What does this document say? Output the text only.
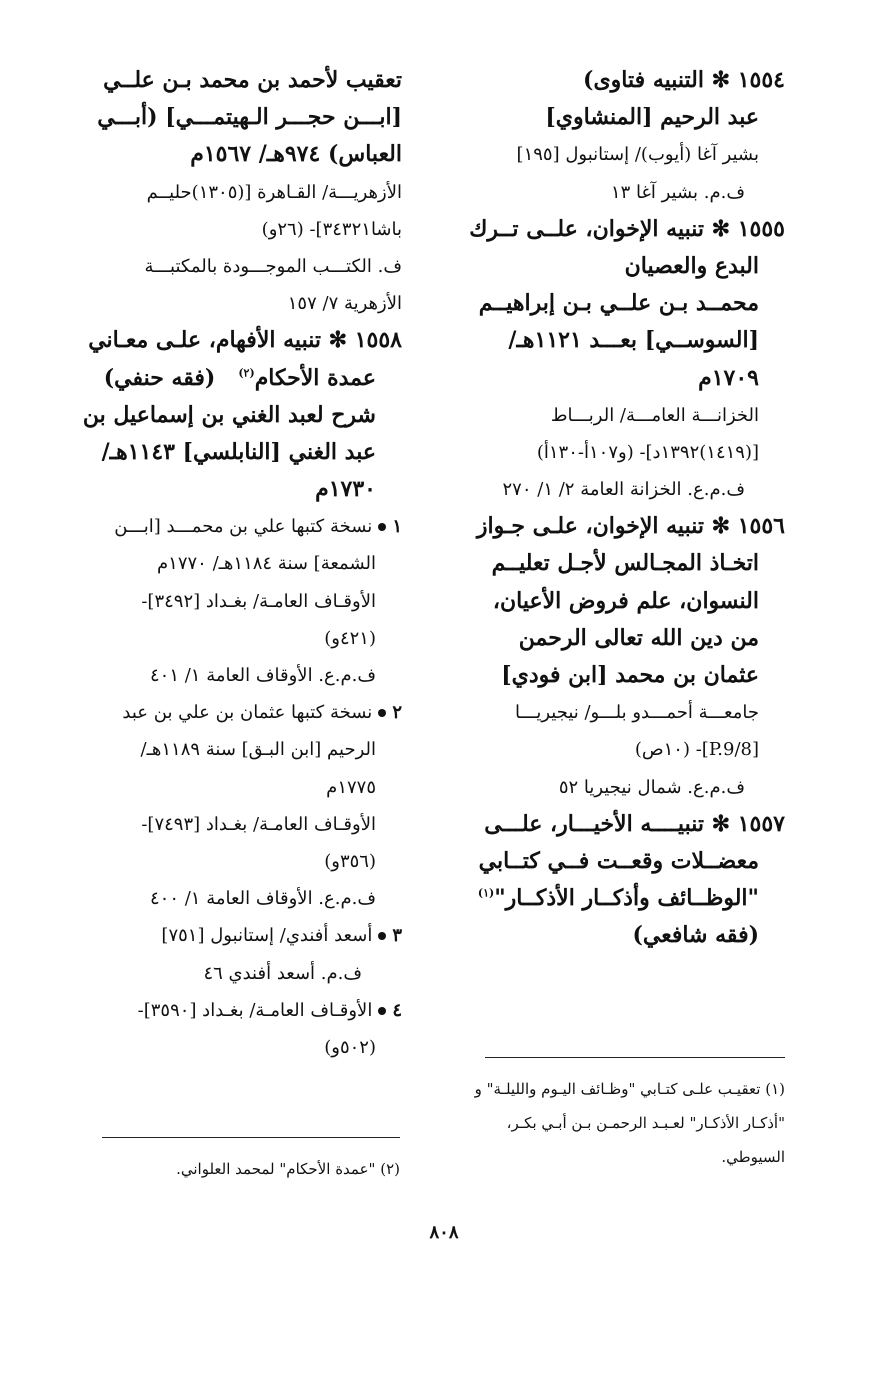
١٥٥٤ ✻ التنبيه فتاوى)
عبد الرحيم [المنشاوي]
بشير آغا (أيوب)/ إستانبول [١٩٥]
ف.م. بشير آغا ١٣
١٥٥٥ ✻ تنبيه الإخوان، علــى تــرك
البدع والعصيان
محمــد بـن علــي بـن إبراهيــم
[السوســي] بعـــد ١١٢١هـ/
١٧٠٩م
الخزانـــة العامـــة/ الربـــاط
[(١٤١٩)١٣٩٢د]- (و١٠٧أ-١٣٠أ)
ف.م.ع. الخزانة العامة ٢/ ١/ ٢٧٠
١٥٥٦ ✻ تنبيه الإخوان، علـى جـواز
اتخـاذ المجـالس لأجـل تعليــم
النسوان، علم فروض الأعيان،
من دين الله تعالى الرحمن
عثمان بن محمد [ابن فودي]
جامعـــة أحمـــدو بلـــو/ نيجيريـــا
[P.9/8]- (١٠ص)
ف.م.ع. شمال نيجيريا ٥٢
١٥٥٧ ✻ تنبيــــه الأخيـــار، علـــى
معضــلات وقعــت فــي كتــابي
"الوظــائف وأذكــار الأذكــار"$^{(١)}$
(فقه شافعي)
تعقيب لأحمد بن محمد بـن علــي
[ابـــن حجـــر الـهيتمـــي] (أبـــي
العباس) ٩٧٤هـ/ ١٥٦٧م
الأزهريـــة/ القـاهرة [(١٣٠٥)حليــم
باشا٣٤٣٢١]- (٢٦و)
ف. الكتـــب الموجـــودة بالمكتبـــة
الأزهرية ٧/ ١٥٧
١٥٥٨ ✻ تنبيه الأفهام، علـى معـاني
عمدة الأحكام$^{(٢)}$   (فقه حنفي)
شرح لعبد الغني بن إسماعيل بن
عبد الغني [النابلسي] ١١٤٣هـ/
١٧٣٠م
١نسخة كتبها علي بن محمـــد [ابـــن
الشمعة] سنة ١١٨٤هـ/ ١٧٧٠م
الأوقـاف العامـة/ بغـداد [٣٤٩٢]-
(٤٢١و)
ف.م.ع. الأوقاف العامة ١/ ٤٠١
٢نسخة كتبها عثمان بن علي بن عبد
الرحيم [ابن البـق] سنة ١١٨٩هـ/
١٧٧٥م
الأوقـاف العامـة/ بغـداد [٧٤٩٣]-
(٣٥٦و)
ف.م.ع. الأوقاف العامة ١/ ٤٠٠
٣أسعد أفندي/ إستانبول [٧٥١]
ف.م. أسعد أفندي ٤٦
٤الأوقـاف العامـة/ بغـداد [٣٥٩٠]-
(٥٠٢و)
(١) تعقيـب علـى كتـابي "وظـائف اليـوم والليلـة" و
"أذكـار الأذكـار" لعـبـد الرحمـن بـن أبـي بكـر،
السيوطي.
(٢) "عمدة الأحكام" لمحمد العلواني.
٨٠٨
